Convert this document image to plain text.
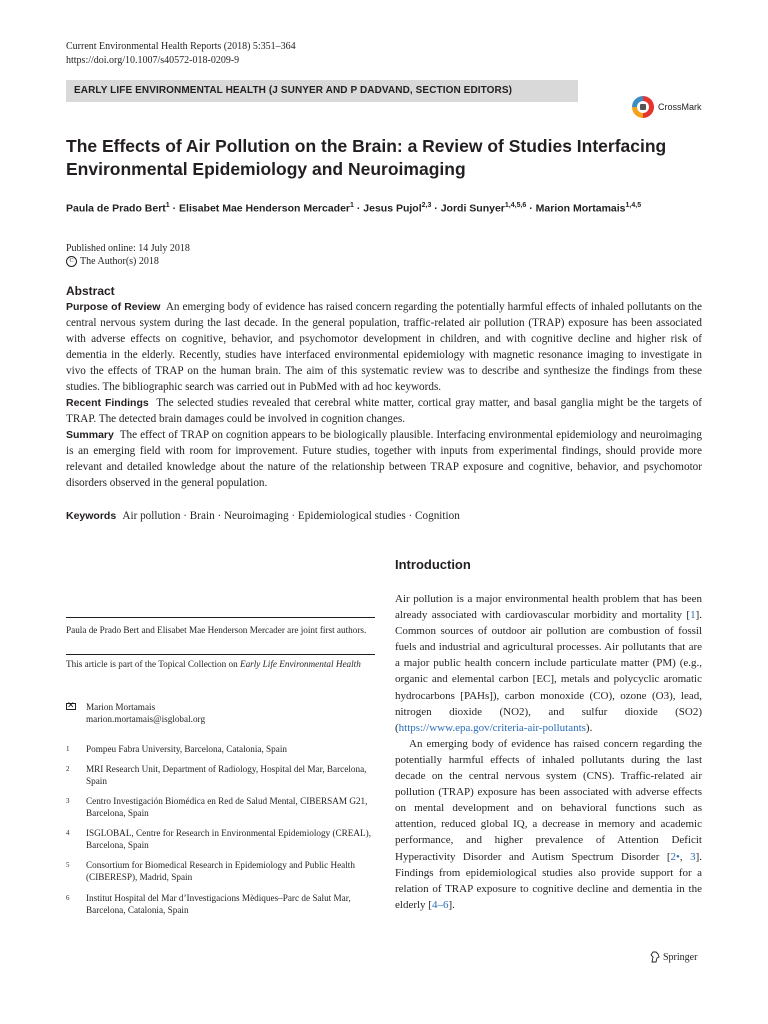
Current Environmental Health Reports (2018) 5:351–364
https://doi.org/10.1007/s40572-018-0209-9
EARLY LIFE ENVIRONMENTAL HEALTH (J SUNYER AND P DADVAND, SECTION EDITORS)
CrossMark
The Effects of Air Pollution on the Brain: a Review of Studies Interfacing Environmental Epidemiology and Neuroimaging
Paula de Prado Bert$^1$ · Elisabet Mae Henderson Mercader$^1$ · Jesus Pujol$^{2,3}$ · Jordi Sunyer$^{1,4,5,6}$ · Marion Mortamais$^{1,4,5}$
Published online: 14 July 2018
C The Author(s) 2018
Abstract

Purpose of Review An emerging body of evidence has raised concern regarding the potentially harmful effects of inhaled pollutants on the central nervous system during the last decade. In the general population, traffic-related air pollution (TRAP) exposure has been associated with adverse effects on cognitive, behavior, and psychomotor development in children, and with cognitive decline and higher risk of dementia in the elderly. Recently, studies have interfaced environmental epidemiology with magnetic resonance imaging to investigate in vivo the effects of TRAP on the human brain. The aim of this systematic review was to describe and synthesize the findings from these studies. The bibliographic search was carried out in PubMed with ad hoc keywords.

Recent Findings The selected studies revealed that cerebral white matter, cortical gray matter, and basal ganglia might be the targets of TRAP. The detected brain damages could be involved in cognition changes.

Summary The effect of TRAP on cognition appears to be biologically plausible. Interfacing environmental epidemiology and neuroimaging is an emerging field with room for improvement. Future studies, together with inputs from experimental findings, should provide more relevant and detailed knowledge about the nature of the relationship between TRAP exposure and cognitive, behavior, and psychomotor disorders observed in the general population.

Keywords Air pollution · Brain · Neuroimaging · Epidemiological studies · Cognition
Introduction

Air pollution is a major environmental health problem that has been already associated with cardiovascular morbidity and mortality [1]. Common sources of outdoor air pollution are combustion of fossil fuels and industrial and agricultural processes. Air pollutants that are a major public health concern include particulate matter (PM) (e.g., organic and elemental carbon [EC], metals and polycyclic aromatic hydrocarbons [PAHs]), carbon monoxide (CO), ozone (O3), lead, nitrogen dioxide (NO2), and sulfur dioxide (SO2) (https://www.epa.gov/criteria-air-pollutants).

An emerging body of evidence has raised concern regarding the potentially harmful effects of inhaled pollutants during the last decade on the central nervous system (CNS). Traffic-related air pollution (TRAP) exposure has been associated with adverse effects on mental development and on behavioral functions such as attention, reduced global IQ, a decrease in memory and academic performance, and higher prevalence of Attention Deficit Hyperactivity Disorder and Autism Spectrum Disorder [2•, 3]. Findings from epidemiological studies also provide support for a relation of TRAP exposure to cognitive decline and dementia in the elderly [4–6].

Paula de Prado Bert and Elisabet Mae Henderson Mercader are joint first authors.
This article is part of the Topical Collection on Early Life Environmental Health
✕
Marion Mortamais
marion.mortamais@isglobal.org
1	Pompeu Fabra University, Barcelona, Catalonia, Spain
2	MRI Research Unit, Department of Radiology, Hospital del Mar, Barcelona, Spain
3	Centro Investigación Biomédica en Red de Salud Mental, CIBERSAM G21, Barcelona, Spain
4	ISGLOBAL, Centre for Research in Environmental Epidemiology (CREAL), Barcelona, Spain
5	Consortium for Biomedical Research in Epidemiology and Public Health (CIBERESP), Madrid, Spain
6	Institut Hospital del Mar d’Investigacions Mèdiques–Parc de Salut Mar, Barcelona, Catalonia, Spain
Springer
